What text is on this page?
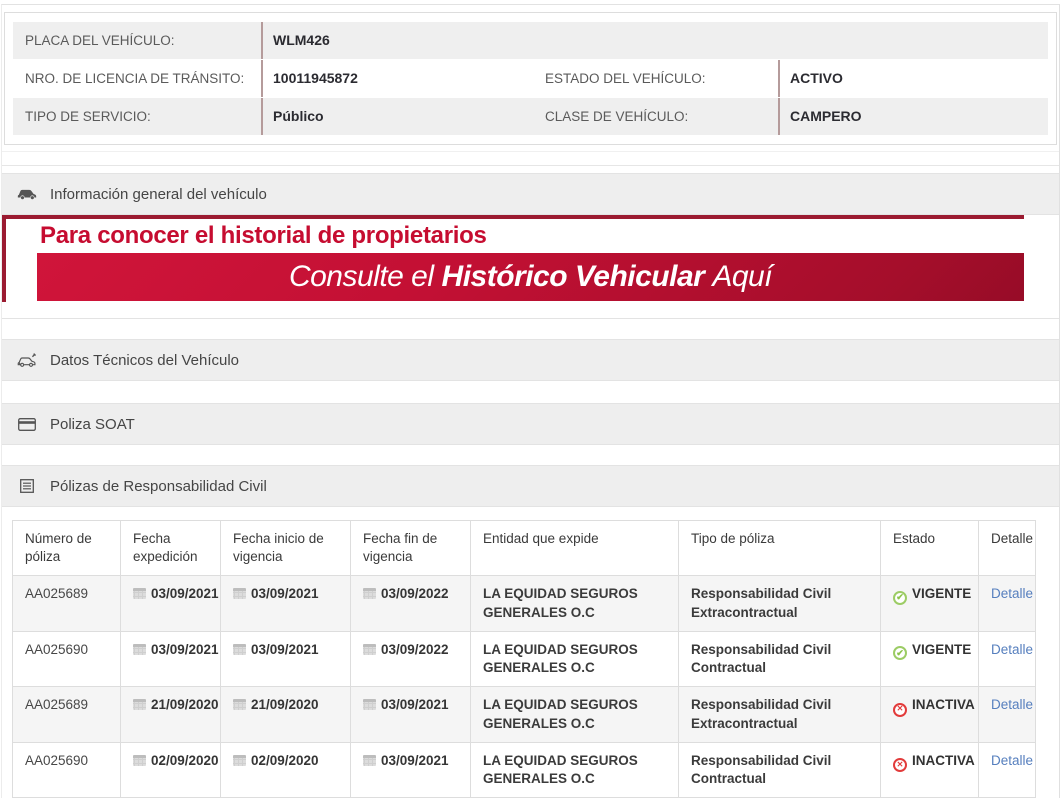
PLACA DEL VEHÍCULO:	WLM426
NRO. DE LICENCIA DE TRÁNSITO:	10011945872	ESTADO DEL VEHÍCULO:	ACTIVO
TIPO DE SERVICIO:	Público	CLASE DE VEHÍCULO:	CAMPERO
Información general del vehículo
Para conocer el historial de propietarios
Consulte el Histórico Vehicular Aquí
Datos Técnicos del Vehículo
Poliza SOAT
Pólizas de Responsabilidad Civil
Número de póliza	Fecha expedición	Fecha inicio de vigencia	Fecha fin de vigencia	Entidad que expide	Tipo de póliza	Estado	Detalle
AA025689	03/09/2021	03/09/2021	03/09/2022	LA EQUIDAD SEGUROS GENERALES O.C	Responsabilidad Civil Extracontractual	✔VIGENTE	Detalle
AA025690	03/09/2021	03/09/2021	03/09/2022	LA EQUIDAD SEGUROS GENERALES O.C	Responsabilidad Civil Contractual	✔VIGENTE	Detalle
AA025689	21/09/2020	21/09/2020	03/09/2021	LA EQUIDAD SEGUROS GENERALES O.C	Responsabilidad Civil Extracontractual	✕INACTIVA	Detalle
AA025690	02/09/2020	02/09/2020	03/09/2021	LA EQUIDAD SEGUROS GENERALES O.C	Responsabilidad Civil Contractual	✕INACTIVA	Detalle
